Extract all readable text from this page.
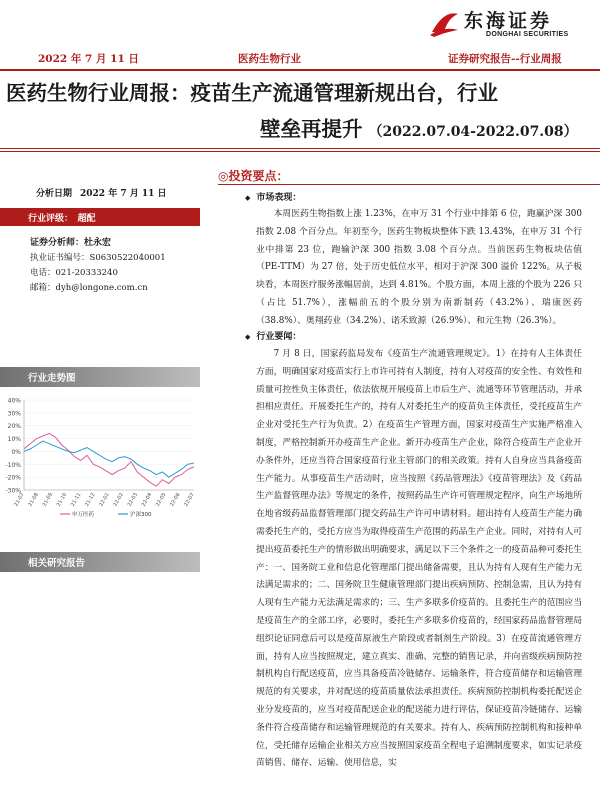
东海证券
DONGHAI SECURITIES
2022 年 7 月 11 日	医药生物行业	证券研究报告--行业周报
医药生物行业周报：疫苗生产流通管理新规出台，行业
壁垒再提升 （2022.07.04-2022.07.08）
分析日期 2022 年 7 月 11 日
行业评级：　超配
证券分析师：杜永宏
执业证书编号：S0630522040001
电话：021-20333240
邮箱：dyh@longone.com.cn
行业走势图
40%
30%
20%
10%
0%
-10%
-20%
-30%
21-07 21-08 21-09 21-10 21-11 21-12 22-01 22-02 22-03 22-04 22-05 22-06 22-07
申万医药	沪深300
相关研究报告
◎投资要点：
◆ 市场表现：
本周医药生物指数上涨 1.23%，在申万 31 个行业中排第 6 位，跑赢沪深 300 指数 2.08 个百分点。年初至今，医药生物板块整体下跌 13.43%，在申万 31 个行业中排第 23 位，跑输沪深 300 指数 3.08 个百分点。当前医药生物板块估值（PE-TTM）为 27 倍，处于历史低位水平，相对于沪深 300 溢价 122%。从子板块看，本周医疗服务涨幅居前，达到 4.81%。个股方面，本周上涨的个股为 226 只（占比 51.7%），涨幅前五的个股分别为南新制药（43.2%）、瑞康医药（38.8%）、奥翔药业（34.2%）、诺禾致源（26.9%）、和元生物（26.3%）。
◆ 行业要闻：
7 月 8 日，国家药监局发布《疫苗生产流通管理规定》。1）在持有人主体责任方面，明确国家对疫苗实行上市许可持有人制度，持有人对疫苗的安全性、有效性和质量可控性负主体责任，依法依规开展疫苗上市后生产、流通等环节管理活动，并承担相应责任。开展委托生产的，持有人对委托生产的疫苗负主体责任，受托疫苗生产企业对受托生产行为负责。2）在疫苗生产管理方面，国家对疫苗生产实施严格准入制度，严格控制新开办疫苗生产企业。新开办疫苗生产企业，除符合疫苗生产企业开办条件外，还应当符合国家疫苗行业主管部门的相关政策。持有人自身应当具备疫苗生产能力。从事疫苗生产活动时，应当按照《药品管理法》《疫苗管理法》及《药品生产监督管理办法》等规定的条件，按照药品生产许可管理规定程序，向生产场地所在地省级药品监督管理部门提交药品生产许可申请材料。超出持有人疫苗生产能力确需委托生产的，受托方应当为取得疫苗生产范围的药品生产企业。同时，对持有人可提出疫苗委托生产的情形做出明确要求，满足以下三个条件之一的疫苗品种可委托生产：一、国务院工业和信息化管理部门提出储备需要，且认为持有人现有生产能力无法满足需求的；二、国务院卫生健康管理部门提出疾病预防、控制急需，且认为持有人现有生产能力无法满足需求的；三、生产多联多价疫苗的。且委托生产的范围应当是疫苗生产的全部工序，必要时，委托生产多联多价疫苗的，经国家药品监督管理局组织论证同意后可以是疫苗原液生产阶段或者制剂生产阶段。3）在疫苗流通管理方面，持有人应当按照规定，建立真实、准确、完整的销售记录，并向省级疾病预防控制机构自行配送疫苗，应当具备疫苗冷链储存、运输条件，符合疫苗储存和运输管理规范的有关要求，并对配送的疫苗质量依法承担责任。疾病预防控制机构委托配送企业分发疫苗的，应当对疫苗配送企业的配送能力进行评估，保证疫苗冷链储存、运输条件符合疫苗储存和运输管理规范的有关要求。持有人、疾病预防控制机构和接种单位，受托储存运输企业相关方应当按照国家疫苗全程电子追溯制度要求，如实记录疫苗销售、储存、运输、使用信息，实
